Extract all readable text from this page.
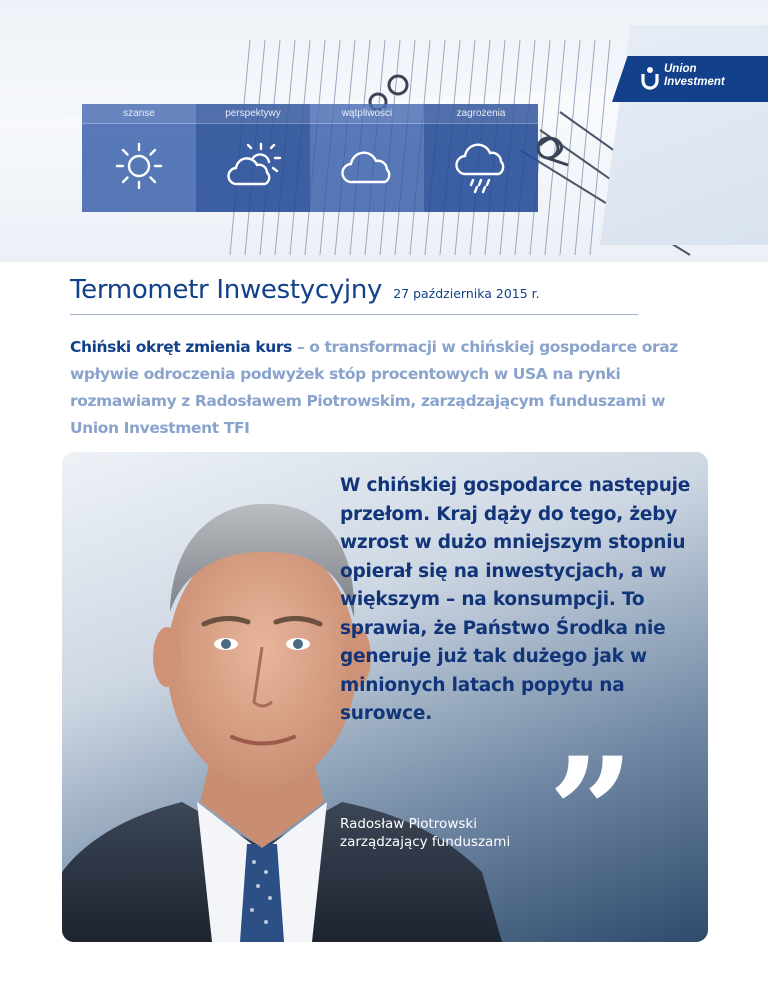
Union
Investment
szanse	perspektywy	wątpliwości	zagrożenia
Termometr Inwestycyjny 27 października 2015 r.

Chiński okręt zmienia kurs – o transformacji w chińskiej gospodarce oraz wpływie odroczenia podwyżek stóp procentowych w USA na rynki rozmawiamy z Radosławem Piotrowskim, zarządzającym funduszami w Union Investment TFI

W chińskiej gospodarce następuje przełom. Kraj dąży do tego, żeby wzrost w dużo mniejszym stopniu opierał się na inwestycjach, a w większym – na konsumpcji. To sprawia, że Państwo Środka nie generuje już tak dużego jak w minionych latach popytu na surowce.

”
Radosław Piotrowski
zarządzający funduszami
